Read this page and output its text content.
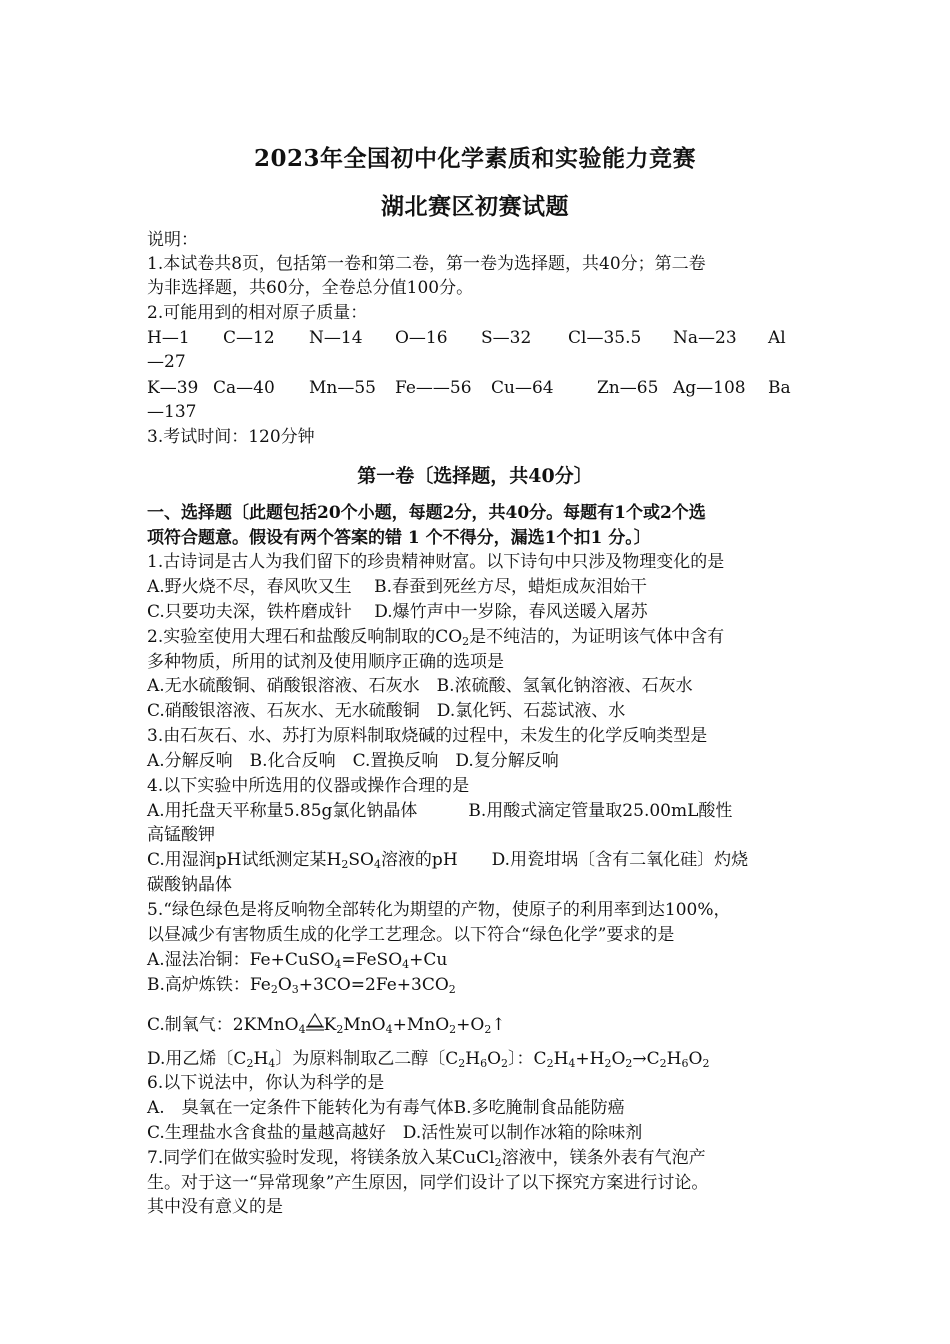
2023年全国初中化学素质和实验能力竞赛
湖北赛区初赛试题
说明：
1.本试卷共8页，包括第一卷和第二卷，第一卷为选择题，共40分；第二卷
为非选择题，共60分，全卷总分值100分。
2.可能用到的相对原子质量：
H—1 C—12 N—14 O—16 S—32 Cl—35.5 Na—23 Al
—27
K—39 Ca—40 Mn—55 Fe——56 Cu—64	Zn—65 Ag—108 Ba
—137
3.考试时间：120分钟
第一卷〔选择题，共40分〕
一、选择题〔此题包括20个小题，每题2分，共40分。每题有1个或2个选
项符合题意。假设有两个答案的错 1 个不得分，漏选1个扣1 分。〕
1.古诗词是古人为我们留下的珍贵精神财富。以下诗句中只涉及物理变化的是
A.野火烧不尽，春风吹又生　 B.春蚕到死丝方尽，蜡炬成灰泪始干
C.只要功夫深，铁杵磨成针　 D.爆竹声中一岁除，春风送暖入屠苏
2.实验室使用大理石和盐酸反响制取的$CO_2$是不纯洁的，为证明该气体中含有
多种物质，所用的试剂及使用顺序正确的选项是
A.无水硫酸铜、硝酸银溶液、石灰水　B.浓硫酸、氢氧化钠溶液、石灰水
C.硝酸银溶液、石灰水、无水硫酸铜　D.氯化钙、石蕊试液、水
3.由石灰石、水、苏打为原料制取烧碱的过程中，未发生的化学反响类型是
A.分解反响　B.化合反响　C.置换反响　D.复分解反响
4.以下实验中所选用的仪器或操作合理的是
A.用托盘天平称量5.85g氯化钠晶体　　　B.用酸式滴定管量取25.00mL酸性
高锰酸钾
C.用湿润pH试纸测定某$H_2SO_4$溶液的pH　　D.用瓷坩埚〔含有二氧化硅〕灼烧
碳酸钠晶体
5.“绿色绿色是将反响物全部转化为期望的产物，使原子的利用率到达100%，
以昼减少有害物质生成的化学工艺理念。以下符合“绿色化学”要求的是
A.湿法冶铜：Fe+CuSO$_4$=FeSO$_4$+Cu
B.高炉炼铁：$Fe_2O_3+3CO=2Fe+3CO_2$
C.制氧气：2KMnO$_4$ $K_2MnO_4+MnO_2+O_2↑$
D.用乙烯〔$C_2H_4$〕为原料制取乙二醇〔$C_2H_6O_2$〕：$C_2H_4+H_2O_2\to C_2H_6O_2$
6.以下说法中，你认为科学的是
A.　臭氧在一定条件下能转化为有毒气体B.多吃腌制食品能防癌
C.生理盐水含食盐的量越高越好　D.活性炭可以制作冰箱的除味剂
7.同学们在做实验时发现，将镁条放入某CuCl$_2$溶液中，镁条外表有气泡产
生。对于这一“异常现象”产生原因，同学们设计了以下探究方案进行讨论。
其中没有意义的是
